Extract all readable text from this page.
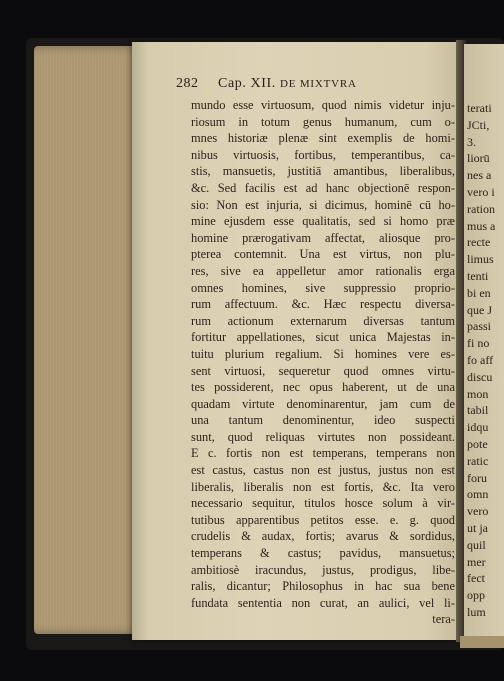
terati
JCti,
3.
liorū
nes a
vero i
ration
mus a
recte
limus
tenti
bi en
que J
passi
fi no
fo aff
discu
mon
tabil
idqu
pote
ratic
foru
omn
vero
ut ja
quil
mer
fect
opp
lum
282 Cap. XII. DE MIXTVRA
mundo esse virtuosum, quod nimis videtur inju-
riosum in totum genus humanum, cum o-
mnes historiæ plenæ sint exemplis de homi-
nibus virtuosis, fortibus, temperantibus, ca-
stis, mansuetis, justitiā amantibus, liberalibus,
&c. Sed facilis est ad hanc objectionē respon-
sio: Non est injuria, si dicimus, hominē cū ho-
mine ejusdem esse qualitatis, sed si homo præ
homine prærogativam affectat, aliosque pro-
pterea contemnit. Una est virtus, non plu-
res, sive ea appelletur amor rationalis erga
omnes homines, sive suppressio proprio-
rum affectuum. &c. Hæc respectu diversa-
rum actionum externarum diversas tantum
fortitur appellationes, sicut unica Majestas in-
tuitu plurium regalium. Si homines vere es-
sent virtuosi, sequeretur quod omnes virtu-
tes possiderent, nec opus haberent, ut de una
quadam virtute denominarentur, jam cum de
una tantum denominentur, ideo suspecti
sunt, quod reliquas virtutes non possideant.
E c. fortis non est temperans, temperans non
est castus, castus non est justus, justus non est
liberalis, liberalis non est fortis, &c. Ita vero
necessario sequitur, titulos hosce solum à vir-
tutibus apparentibus petitos esse. e. g. quod
crudelis & audax, fortis; avarus & sordidus,
temperans & castus; pavidus, mansuetus;
ambitiosè iracundus, justus, prodigus, libe-
ralis, dicantur; Philosophus in hac sua bene
fundata sententia non curat, an aulici, vel li-
tera-
